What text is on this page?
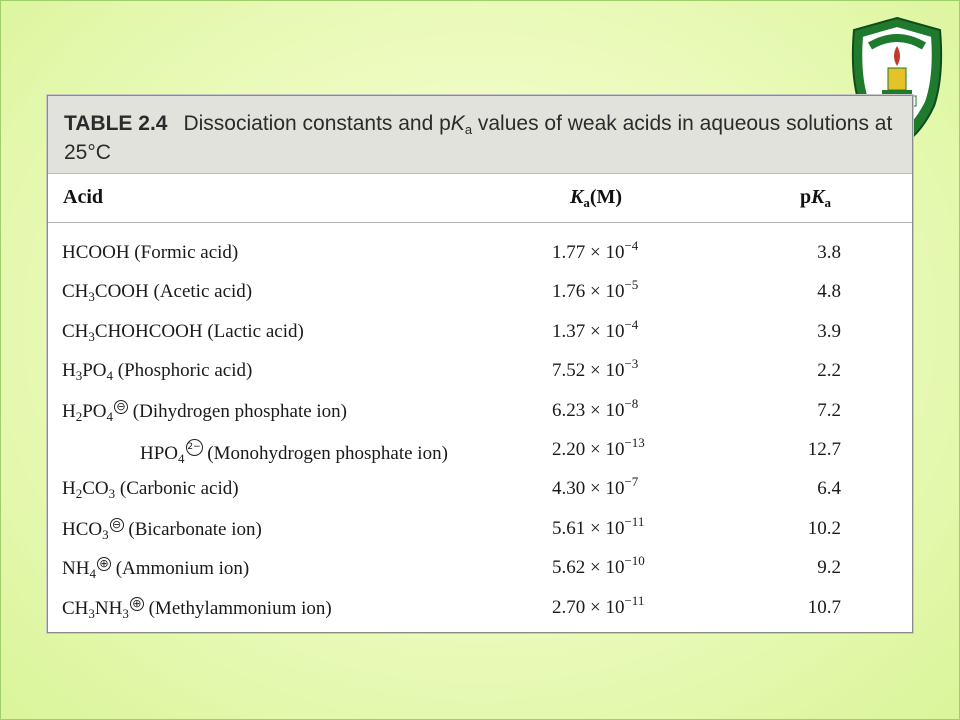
TABLE 2.4 Dissociation constants and $pK_a$ values of weak acids in aqueous solutions at 25°C
Acid	$K_a(M)$	$pK_a$
HCOOH (Formic acid)	$1.77 \times 10^{-4}$	3.8
$CH_3COOH$ (Acetic acid)	$1.76 \times 10^{-5}$	4.8
$CH_3CHOHCOOH$ (Lactic acid)	$1.37 \times 10^{-4}$	3.9
$H_3PO_4$ (Phosphoric acid)	$7.52 \times 10^{-3}$	2.2
$H_2PO_4⊖$ (Dihydrogen phosphate ion)	$6.23 \times 10^{-8}$	7.2
$HPO_42-$ (Monohydrogen phosphate ion)	$2.20 \times 10^{-13}$	12.7
$H_2CO_3$ (Carbonic acid)	$4.30 \times 10^{-7}$	6.4
$HCO_3⊖$ (Bicarbonate ion)	$5.61 \times 10^{-11}$	10.2
$NH_4\oplus$ (Ammonium ion)	$5.62 \times 10^{-10}$	9.2
$CH_3NH_3\oplus$ (Methylammonium ion)	$2.70 \times 10^{-11}$	10.7
